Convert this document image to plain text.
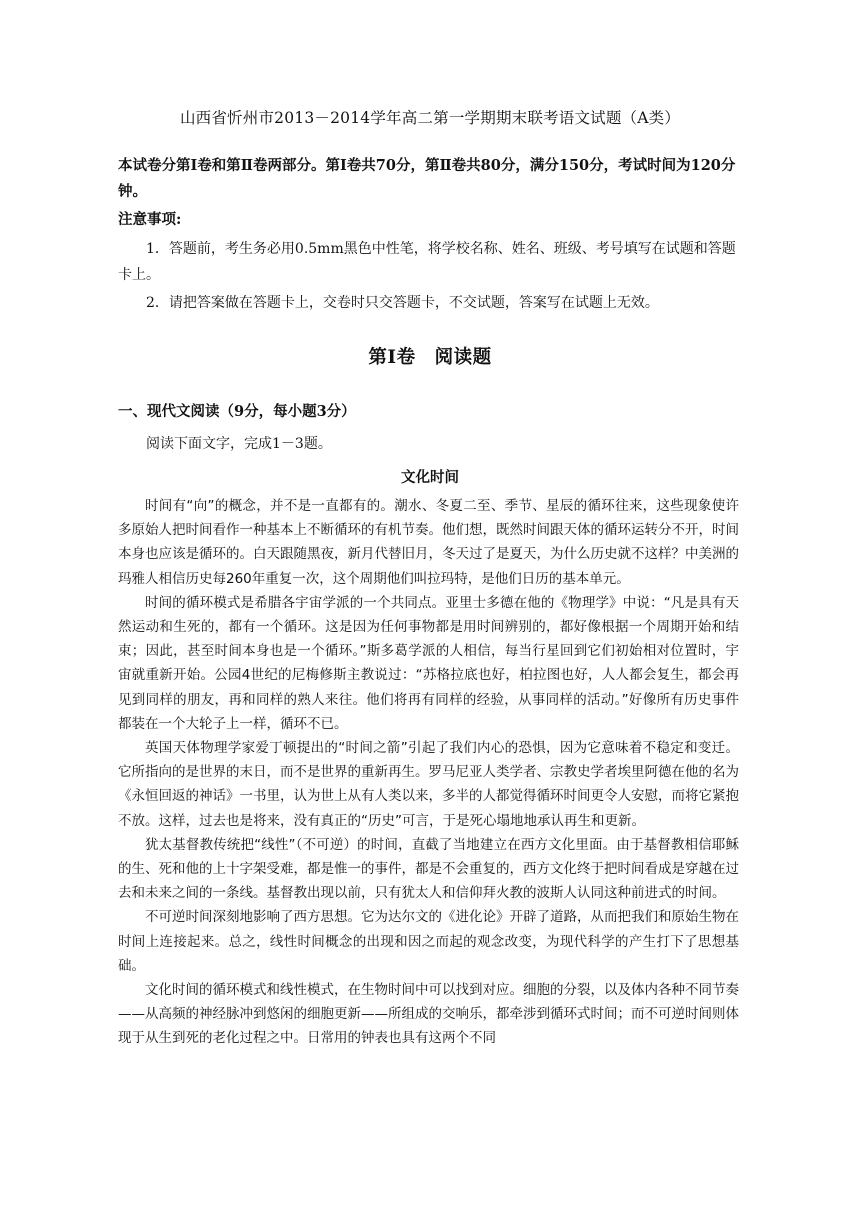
山西省忻州市2013－2014学年高二第一学期期末联考语文试题（A类）
本试卷分第Ⅰ卷和第Ⅱ卷两部分。第Ⅰ卷共70分，第Ⅱ卷共80分，满分150分，考试时间为120分钟。
注意事项:
1．答题前，考生务必用0.5mm黑色中性笔，将学校名称、姓名、班级、考号填写在试题和答题卡上。
2．请把答案做在答题卡上，交卷时只交答题卡，不交试题，答案写在试题上无效。
第Ⅰ卷　阅读题
一、现代文阅读（9分，每小题3分）
阅读下面文字，完成1－3题。
文化时间

时间有“向”的概念，并不是一直都有的。潮水、冬夏二至、季节、星辰的循环往来，这些现象使许多原始人把时间看作一种基本上不断循环的有机节奏。他们想，既然时间跟天体的循环运转分不开，时间本身也应该是循环的。白天跟随黑夜，新月代替旧月，冬天过了是夏天，为什么历史就不这样？中美洲的玛雅人相信历史每260年重复一次，这个周期他们叫拉玛特，是他们日历的基本单元。

时间的循环模式是希腊各宇宙学派的一个共同点。亚里士多德在他的《物理学》中说：“凡是具有天然运动和生死的，都有一个循环。这是因为任何事物都是用时间辨别的，都好像根据一个周期开始和结束；因此，甚至时间本身也是一个循环。”斯多葛学派的人相信，每当行星回到它们初始相对位置时，宇宙就重新开始。公园4世纪的尼梅修斯主教说过：“苏格拉底也好，柏拉图也好，人人都会复生，都会再见到同样的朋友，再和同样的熟人来往。他们将再有同样的经验，从事同样的活动。”好像所有历史事件都装在一个大轮子上一样，循环不已。

英国天体物理学家爱丁顿提出的“时间之箭”引起了我们内心的恐惧，因为它意味着不稳定和变迁。它所指向的是世界的末日，而不是世界的重新再生。罗马尼亚人类学者、宗教史学者埃里阿德在他的名为《永恒回返的神话》一书里，认为世上从有人类以来，多半的人都觉得循环时间更令人安慰，而将它紧抱不放。这样，过去也是将来，没有真正的“历史”可言，于是死心塌地地承认再生和更新。

犹太基督教传统把“线性”（不可逆）的时间，直截了当地建立在西方文化里面。由于基督教相信耶稣的生、死和他的上十字架受难，都是惟一的事件，都是不会重复的，西方文化终于把时间看成是穿越在过去和未来之间的一条线。基督教出现以前，只有犹太人和信仰拜火教的波斯人认同这种前进式的时间。

不可逆时间深刻地影响了西方思想。它为达尔文的《进化论》开辟了道路，从而把我们和原始生物在时间上连接起来。总之，线性时间概念的出现和因之而起的观念改变，为现代科学的产生打下了思想基础。

文化时间的循环模式和线性模式，在生物时间中可以找到对应。细胞的分裂，以及体内各种不同节奏——从高频的神经脉冲到悠闲的细胞更新——所组成的交响乐，都牵涉到循环式时间；而不可逆时间则体现于从生到死的老化过程之中。日常用的钟表也具有这两个不同
